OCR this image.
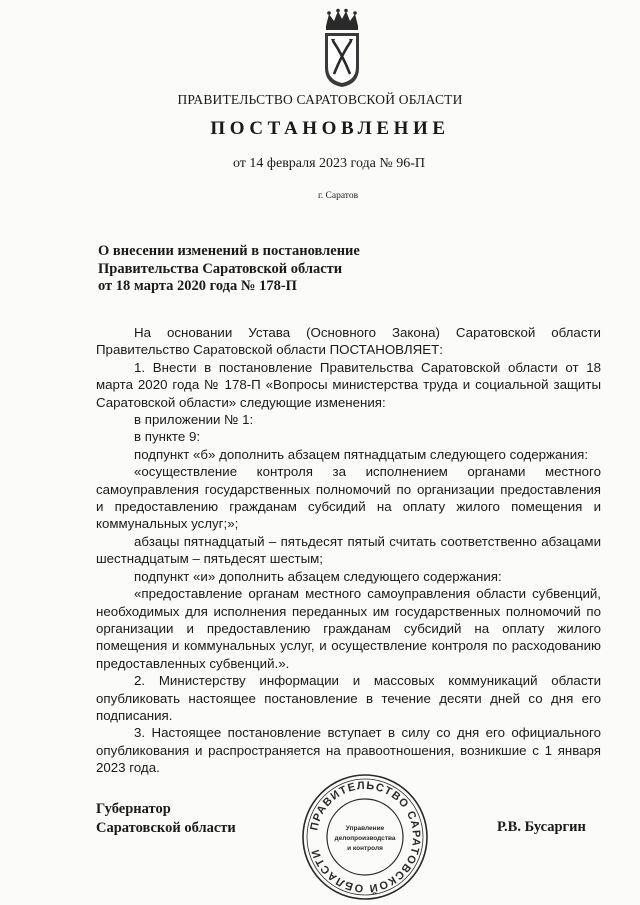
ПРАВИТЕЛЬСТВО САРАТОВСКОЙ ОБЛАСТИ
ПОСТАНОВЛЕНИЕ
от 14 февраля 2023 года № 96-П
г. Саратов
О внесении изменений в постановление
Правительства Саратовской области
от 18 марта 2020 года № 178-П

На основании Устава (Основного Закона) Саратовской области Правительство Саратовской области ПОСТАНОВЛЯЕТ:

1. Внести в постановление Правительства Саратовской области от 18 марта 2020 года № 178-П «Вопросы министерства труда и социальной защиты Саратовской области» следующие изменения:

в приложении № 1:

в пункте 9:

подпункт «б» дополнить абзацем пятнадцатым следующего содержания:

«осуществление контроля за исполнением органами местного самоуправления государственных полномочий по организации предоставления и предоставлению гражданам субсидий на оплату жилого помещения и коммунальных услуг;»;

абзацы пятнадцатый – пятьдесят пятый считать соответственно абзацами шестнадцатым – пятьдесят шестым;

подпункт «и» дополнить абзацем следующего содержания:

«предоставление органам местного самоуправления области субвенций, необходимых для исполнения переданных им государственных полномочий по организации и предоставлению гражданам субсидий на оплату жилого помещения и коммунальных услуг, и осуществление контроля по расходованию предоставленных субвенций.».

2. Министерству информации и массовых коммуникаций области опубликовать настоящее постановление в течение десяти дней со дня его подписания.

3. Настоящее постановление вступает в силу со дня его официального опубликования и распространяется на правоотношения, возникшие с 1 января 2023 года.

Губернатор
Саратовской области	Р.В. Бусаргин
ПРАВИТЕЛЬСТВО САРАТОВСКОЙ ОБЛАСТИ
Управление
делопроизводства
и контроля
